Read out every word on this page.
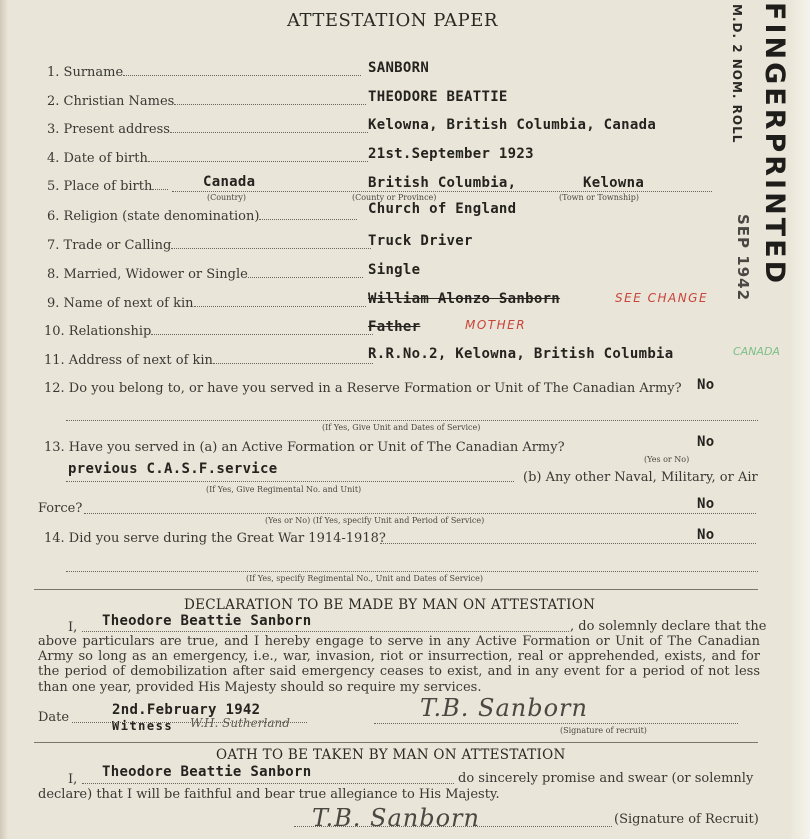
ATTESTATION PAPER	FINGERPRINTED
M.D. 2 NOM. ROLL
SEP 1942
CANADA
1. Surname	SANBORN
2. Christian Names	THEODORE BEATTIE
3. Present address	Kelowna, British Columbia, Canada
4. Date of birth	21st.September 1923
5. Place of birth	Canada	British Columbia,	Kelowna
(Country)	(County or Province)	(Town or Township)
6. Religion (state denomination)	Church of England
7. Trade or Calling	Truck Driver
8. Married, Widower or Single	Single
9. Name of next of kin	William Alonzo Sanborn	SEE CHANGE
10. Relationship	Father	MOTHER
11. Address of next of kin	R.R.No.2, Kelowna, British Columbia
12. Do you belong to, or have you served in a Reserve Formation or Unit of The Canadian Army? No
(If Yes, Give Unit and Dates of Service)
13. Have you served in (a) an Active Formation or Unit of The Canadian Army?	No
(Yes or No)
previous C.A.S.F.service
(b) Any other Naval, Military, or Air
(If Yes, Give Regimental No. and Unit)
Force?	No
(Yes or No) (If Yes, specify Unit and Period of Service)
14. Did you serve during the Great War 1914-1918?	No
(If Yes, specify Regimental No., Unit and Dates of Service)
DECLARATION TO BE MADE BY MAN ON ATTESTATION
I, Theodore Beattie Sanborn	, do solemnly declare that the
above particulars are true, and I hereby engage to serve in any Active Formation or Unit of The Canadian Army so long as an emergency, i.e., war, invasion, riot or insurrection, real or apprehended, exists, and for the period of demobilization after said emergency ceases to exist, and in any event for a period of not less than one year, provided His Majesty should so require my services.
Date	2nd.February 1942
Witness W.H. Sutherland
T.B. Sanborn
(Signature of recruit)
OATH TO BE TAKEN BY MAN ON ATTESTATION
I, Theodore Beattie Sanborn	do sincerely promise and swear (or solemnly
declare) that I will be faithful and bear true allegiance to His Majesty.
T.B. Sanborn	(Signature of Recruit)
